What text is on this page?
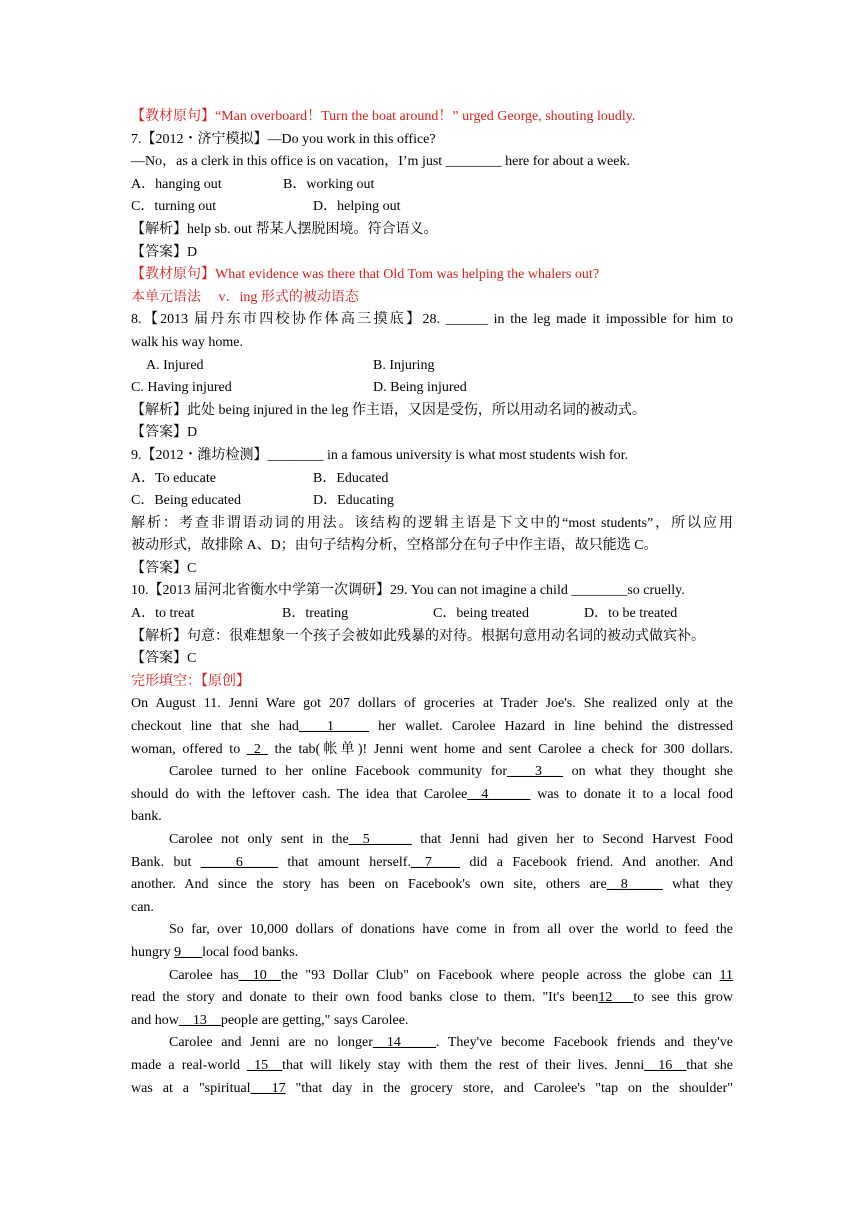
【教材原句】“Man overboard！Turn the boat around！” urged George, shouting loudly.
7.【2012・济宁模拟】—Do you work in this office?
—No，as a clerk in this office is on vacation，I’m just ________ here for about a week.
A．hanging out	B．working out
C．turning out	D．helping out
【解析】help sb. out 帮某人摆脱困境。符合语义。
【答案】D
【教材原句】What evidence was there that Old Tom was helping the whalers out?
本单元语法　 v．ing 形式的被动语态
8.【2013 届丹东市四校协作体高三摸底】28. ______ in the leg made it impossible for him to
walk his way home.
A. Injured	B. Injuring
C. Having injured	D. Being injured
【解析】此处 being injured in the leg 作主语，又因是受伤，所以用动名词的被动式。
【答案】D
9.【2012・潍坊检测】________ in a famous university is what most students wish for.
A．To educate	B．Educated
C．Being educated	D．Educating
解析：考查非谓语动词的用法。该结构的逻辑主语是下文中的“most students”，所以应用
被动形式，故排除 A、D；由句子结构分析，空格部分在句子中作主语，故只能选 C。
【答案】C
10.【2013 届河北省衡水中学第一次调研】29. You can not imagine a child ________so cruelly.
A．to treat	B．treating	C．being treated	D．to be treated
【解析】句意：很难想象一个孩子会被如此残暴的对待。根据句意用动名词的被动式做宾补。
【答案】C
完形填空：【原创】
On August 11. Jenni Ware got 207 dollars of groceries at Trader Joe's. She realized only at the
checkout line that she had____1_____ her wallet. Carolee Hazard in line behind the distressed
woman, offered to _2_ the tab(帐单)! Jenni went home and sent Carolee a check for 300 dollars.
Carolee turned to her online Facebook community for____3___ on what they thought she
should do with the leftover cash. The idea that Carolee__4______ was to donate it to a local food
bank.
Carolee not only sent in the__5______ that Jenni had given her to Second Harvest Food
Bank. but _____6_____ that amount herself.__7____ did a Facebook friend. And another. And
another. And since the story has been on Facebook's own site, others are__8_____ what they
can.
So far, over 10,000 dollars of donations have come in from all over the world to feed the
hungry 9___local food banks.
Carolee has__10__the "93 Dollar Club" on Facebook where people across the globe can 11
read the story and donate to their own food banks close to them. "It's been12___to see this grow
and how__13__people are getting," says Carolee.
Carolee and Jenni are no longer__14_____. They've become Facebook friends and they've
made a real-world _15__that will likely stay with them the rest of their lives. Jenni__16__that she
was at a "spiritual___17 "that day in the grocery store, and Carolee's "tap on the shoulder"
